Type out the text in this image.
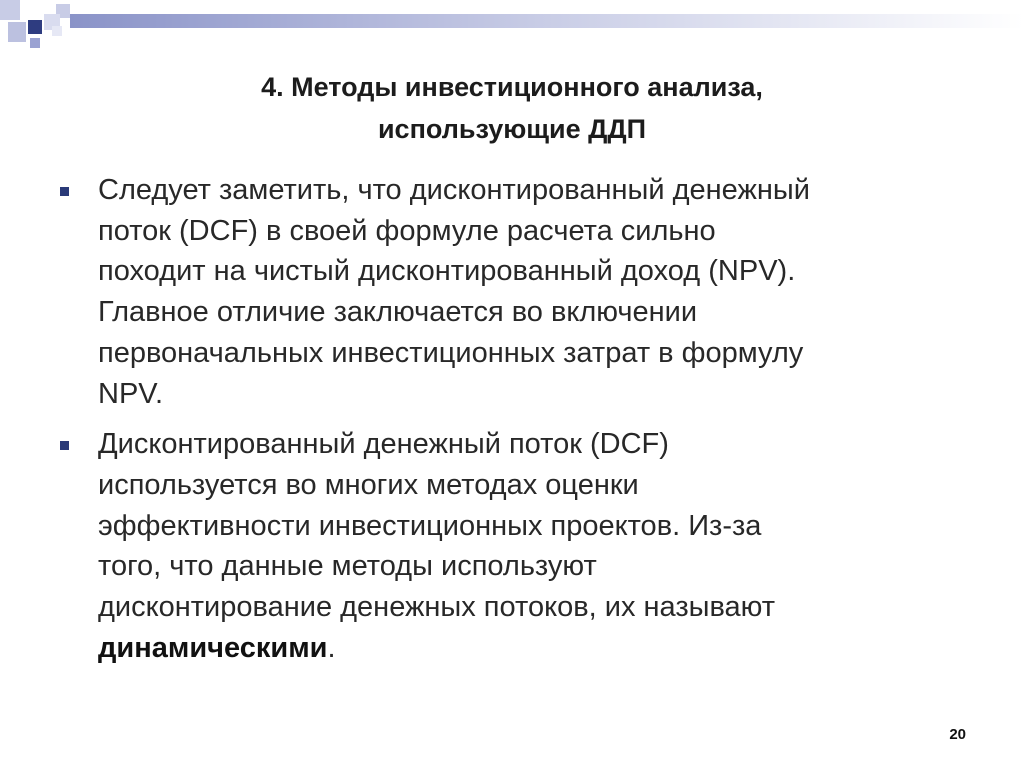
4. Методы инвестиционного анализа,
использующие ДДП
Следует заметить, что дисконтированный денежный
поток (DCF) в своей формуле расчета сильно
походит на чистый дисконтированный доход (NPV).
Главное отличие заключается во включении
первоначальных инвестиционных затрат в формулу
NPV.
Дисконтированный денежный поток (DCF)
используется во многих методах оценки
эффективности инвестиционных проектов. Из-за
того, что данные методы используют
дисконтирование денежных потоков, их называют
динамическими.
20
